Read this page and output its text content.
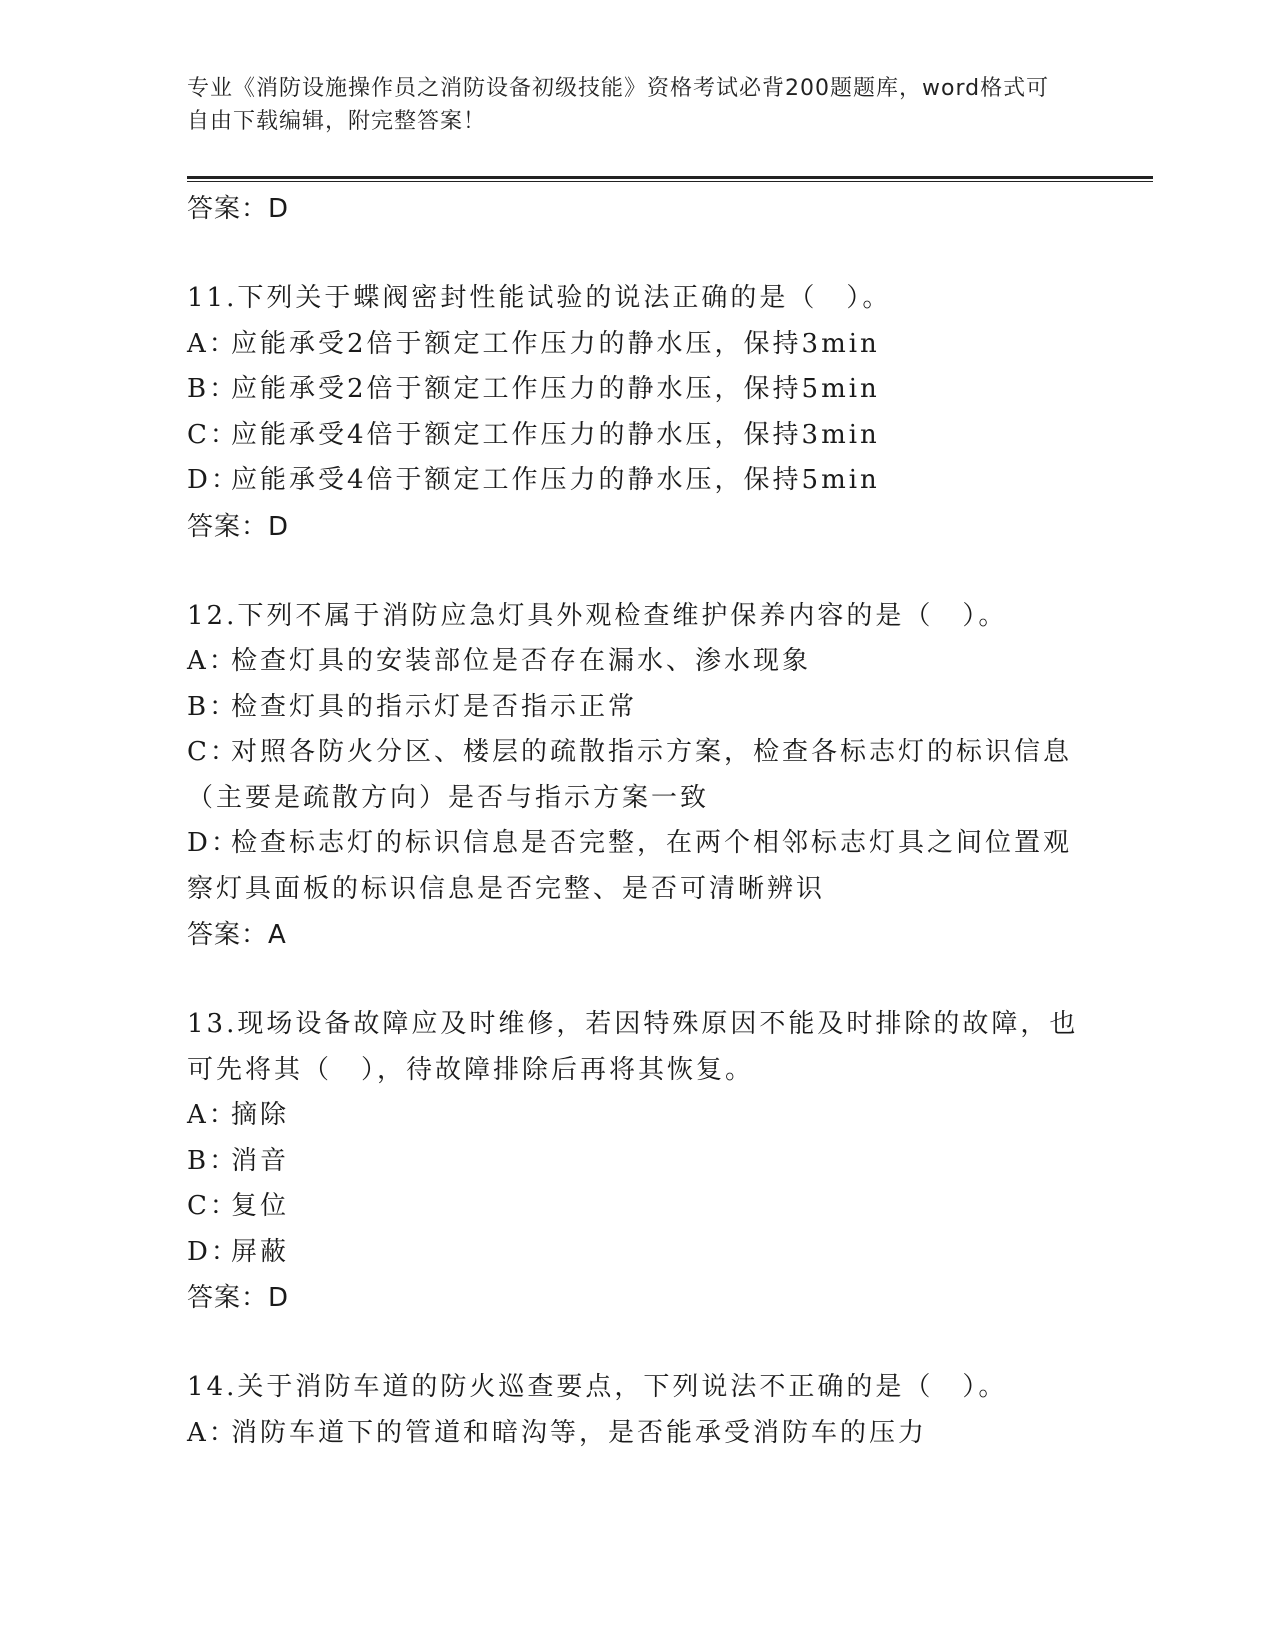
专业《消防设施操作员之消防设备初级技能》资格考试必背200题题库，word格式可自由下载编辑，附完整答案！
答案：D
11.下列关于蝶阀密封性能试验的说法正确的是（　）。
A：应能承受2倍于额定工作压力的静水压，保持3min
B：应能承受2倍于额定工作压力的静水压，保持5min
C：应能承受4倍于额定工作压力的静水压，保持3min
D：应能承受4倍于额定工作压力的静水压，保持5min
答案：D
12.下列不属于消防应急灯具外观检查维护保养内容的是（　）。
A：检查灯具的安装部位是否存在漏水、渗水现象
B：检查灯具的指示灯是否指示正常
C：对照各防火分区、楼层的疏散指示方案，检查各标志灯的标识信息（主要是疏散方向）是否与指示方案一致
D：检查标志灯的标识信息是否完整，在两个相邻标志灯具之间位置观察灯具面板的标识信息是否完整、是否可清晰辨识
答案：A
13.现场设备故障应及时维修，若因特殊原因不能及时排除的故障，也可先将其（　），待故障排除后再将其恢复。
A：摘除
B：消音
C：复位
D：屏蔽
答案：D
14.关于消防车道的防火巡查要点，下列说法不正确的是（　）。
A：消防车道下的管道和暗沟等，是否能承受消防车的压力
